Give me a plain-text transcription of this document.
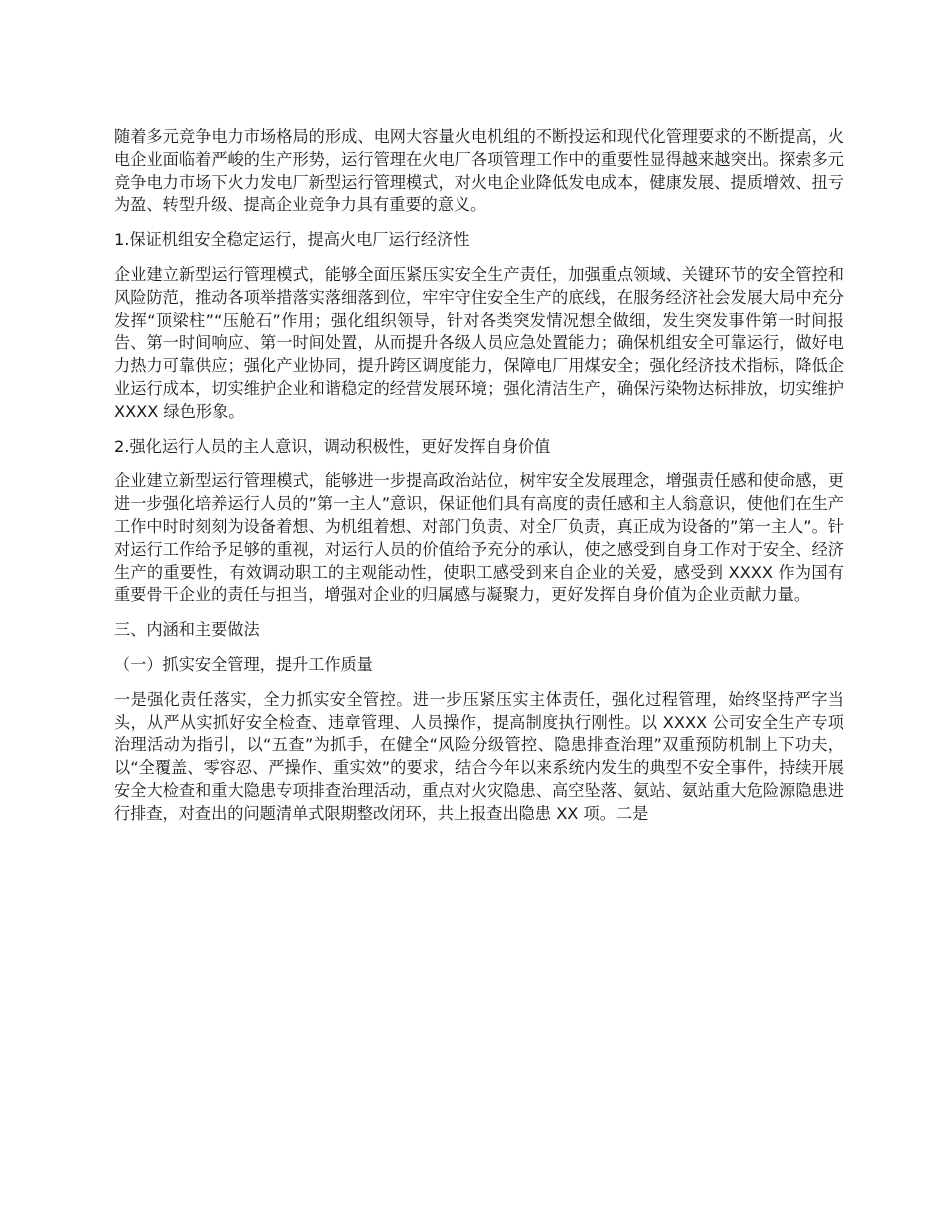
随着多元竞争电力市场格局的形成、电网大容量火电机组的不断投运和现代化管理要求的不断提高，火电企业面临着严峻的生产形势，运行管理在火电厂各项管理工作中的重要性显得越来越突出。探索多元竞争电力市场下火力发电厂新型运行管理模式，对火电企业降低发电成本，健康发展、提质增效、扭亏为盈、转型升级、提高企业竞争力具有重要的意义。

1.保证机组安全稳定运行，提高火电厂运行经济性

企业建立新型运行管理模式，能够全面压紧压实安全生产责任，加强重点领域、关键环节的安全管控和风险防范，推动各项举措落实落细落到位，牢牢守住安全生产的底线，在服务经济社会发展大局中充分发挥“顶梁柱”“压舱石”作用；强化组织领导，针对各类突发情况想全做细，发生突发事件第一时间报告、第一时间响应、第一时间处置，从而提升各级人员应急处置能力；确保机组安全可靠运行，做好电力热力可靠供应；强化产业协同，提升跨区调度能力，保障电厂用煤安全；强化经济技术指标，降低企业运行成本，切实维护企业和谐稳定的经营发展环境；强化清洁生产，确保污染物达标排放，切实维护 XXXX 绿色形象。

2.强化运行人员的主人意识，调动积极性，更好发挥自身价值

企业建立新型运行管理模式，能够进一步提高政治站位，树牢安全发展理念，增强责任感和使命感，更进一步强化培养运行人员的”第一主人”意识，保证他们具有高度的责任感和主人翁意识，使他们在生产工作中时时刻刻为设备着想、为机组着想、对部门负责、对全厂负责，真正成为设备的”第一主人”。针对运行工作给予足够的重视，对运行人员的价值给予充分的承认，使之感受到自身工作对于安全、经济生产的重要性，有效调动职工的主观能动性，使职工感受到来自企业的关爱，感受到 XXXX 作为国有重要骨干企业的责任与担当，增强对企业的归属感与凝聚力，更好发挥自身价值为企业贡献力量。

三、内涵和主要做法

（一）抓实安全管理，提升工作质量

一是强化责任落实，全力抓实安全管控。进一步压紧压实主体责任，强化过程管理，始终坚持严字当头，从严从实抓好安全检查、违章管理、人员操作，提高制度执行刚性。以 XXXX 公司安全生产专项治理活动为指引，以“五查”为抓手，在健全“风险分级管控、隐患排查治理”双重预防机制上下功夫，以“全覆盖、零容忍、严操作、重实效”的要求，结合今年以来系统内发生的典型不安全事件，持续开展安全大检查和重大隐患专项排查治理活动，重点对火灾隐患、高空坠落、氨站、氨站重大危险源隐患进行排查，对查出的问题清单式限期整改闭环，共上报查出隐患 XX 项。二是
